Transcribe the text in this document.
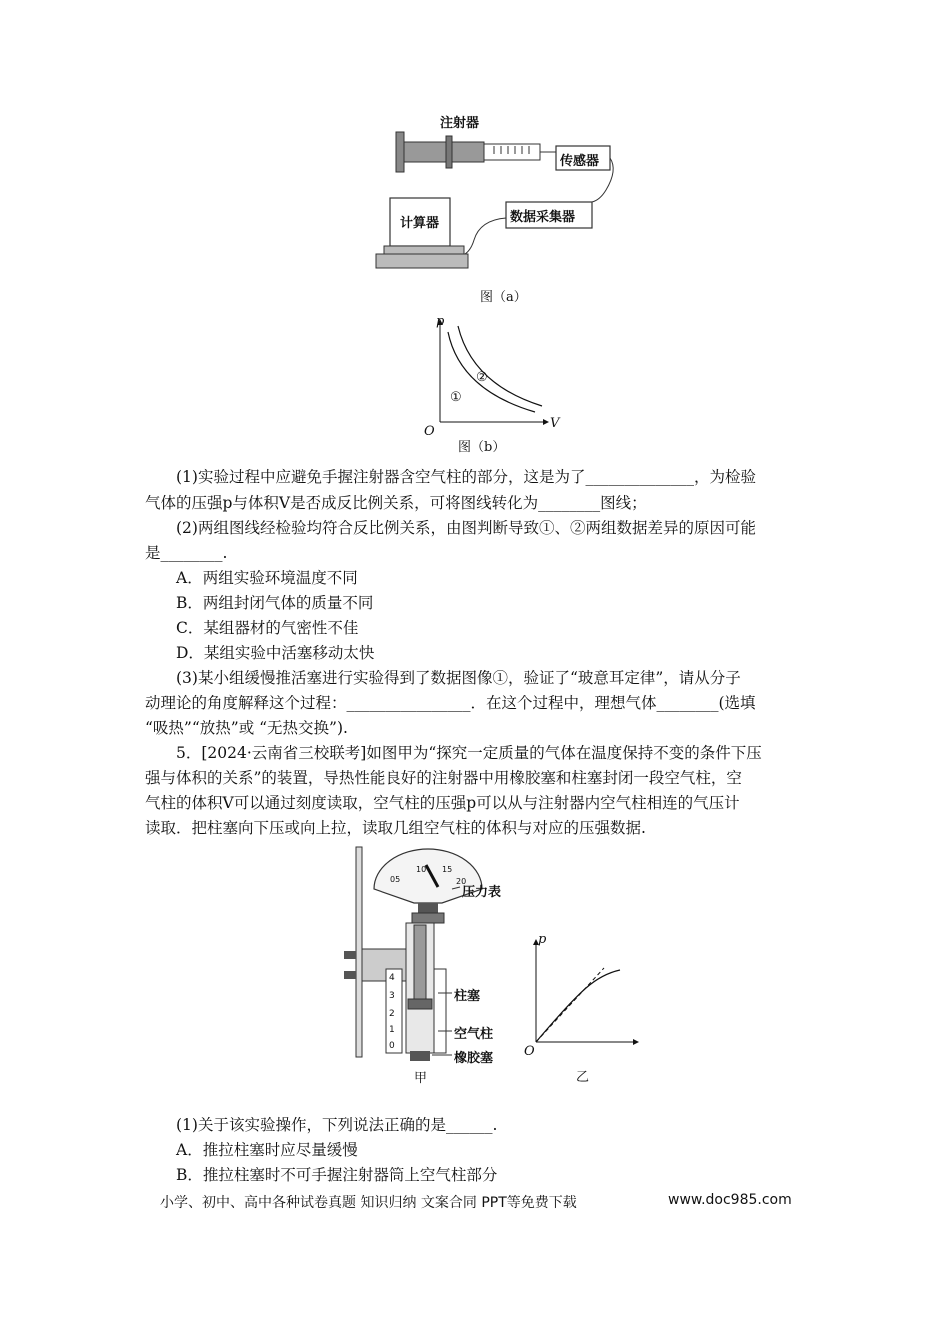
注射器
传感器
数据采集器
计算器
图（a）
p
V
O
①
②
图（b）
(1)实验过程中应避免手握注射器含空气柱的部分，这是为了______________，为检验
气体的压强p与体积V是否成反比例关系，可将图线转化为________图线；
(2)两组图线经检验均符合反比例关系，由图判断导致①、②两组数据差异的原因可能
是________.
A．两组实验环境温度不同
B．两组封闭气体的质量不同
C．某组器材的气密性不佳
D．某组实验中活塞移动太快
(3)某小组缓慢推活塞进行实验得到了数据图像①，验证了“玻意耳定律”，请从分子
动理论的角度解释这个过程：________________．在这个过程中，理想气体________(选填
“吸热”“放热”或 “无热交换”).
5．[2024·云南省三校联考]如图甲为“探究一定质量的气体在温度保持不变的条件下压
强与体积的关系”的装置，导热性能良好的注射器中用橡胶塞和柱塞封闭一段空气柱，空
气柱的体积V可以通过刻度读取，空气柱的压强p可以从与注射器内空气柱相连的气压计
读取．把柱塞向下压或向上拉，读取几组空气柱的体积与对应的压强数据.
05
10 15
20
4
3
2
1
0
压力表
柱塞
空气柱
橡胶塞
甲
p
O
乙
(1)关于该实验操作，下列说法正确的是______.
A．推拉柱塞时应尽量缓慢
B．推拉柱塞时不可手握注射器筒上空气柱部分
小学、初中、高中各种试卷真题 知识归纳 文案合同 PPT等免费下载	www.doc985.com
